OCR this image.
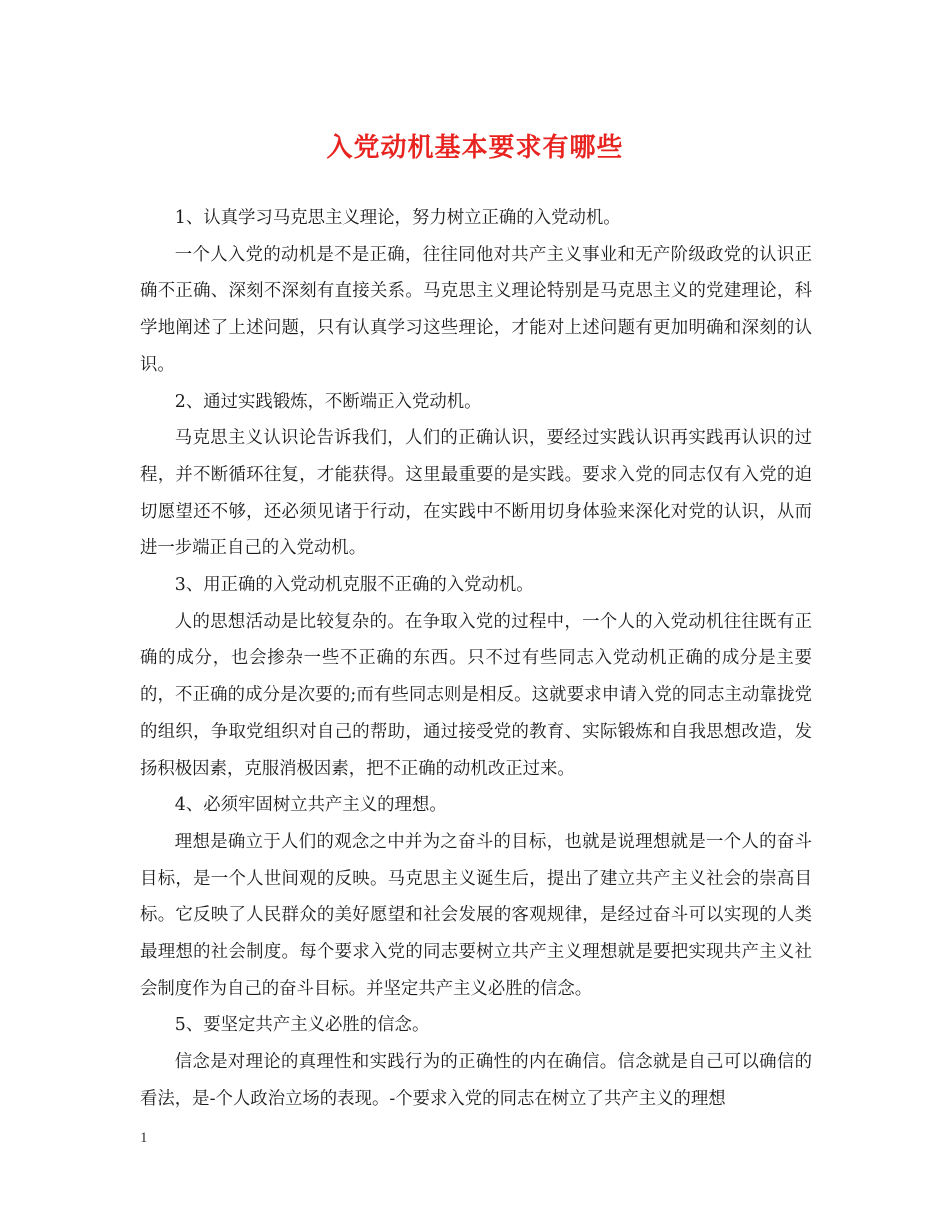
入党动机基本要求有哪些

1、认真学习马克思主义理论，努力树立正确的入党动机。

一个人入党的动机是不是正确，往往同他对共产主义事业和无产阶级政党的认识正确不正确、深刻不深刻有直接关系。马克思主义理论特别是马克思主义的党建理论，科学地阐述了上述问题，只有认真学习这些理论，才能对上述问题有更加明确和深刻的认识。

2、通过实践锻炼，不断端正入党动机。

马克思主义认识论告诉我们，人们的正确认识，要经过实践认识再实践再认识的过程，并不断循环往复，才能获得。这里最重要的是实践。要求入党的同志仅有入党的迫切愿望还不够，还必须见诸于行动，在实践中不断用切身体验来深化对党的认识，从而进一步端正自己的入党动机。

3、用正确的入党动机克服不正确的入党动机。

人的思想活动是比较复杂的。在争取入党的过程中，一个人的入党动机往往既有正确的成分，也会掺杂一些不正确的东西。只不过有些同志入党动机正确的成分是主要的，不正确的成分是次要的;而有些同志则是相反。这就要求申请入党的同志主动靠拢党的组织，争取党组织对自己的帮助，通过接受党的教育、实际锻炼和自我思想改造，发扬积极因素，克服消极因素，把不正确的动机改正过来。

4、必须牢固树立共产主义的理想。

理想是确立于人们的观念之中并为之奋斗的目标，也就是说理想就是一个人的奋斗目标，是一个人世间观的反映。马克思主义诞生后，提出了建立共产主义社会的崇高目标。它反映了人民群众的美好愿望和社会发展的客观规律，是经过奋斗可以实现的人类最理想的社会制度。每个要求入党的同志要树立共产主义理想就是要把实现共产主义社会制度作为自己的奋斗目标。并坚定共产主义必胜的信念。

5、要坚定共产主义必胜的信念。

信念是对理论的真理性和实践行为的正确性的内在确信。信念就是自己可以确信的看法，是-个人政治立场的表现。-个要求入党的同志在树立了共产主义的理想

1
